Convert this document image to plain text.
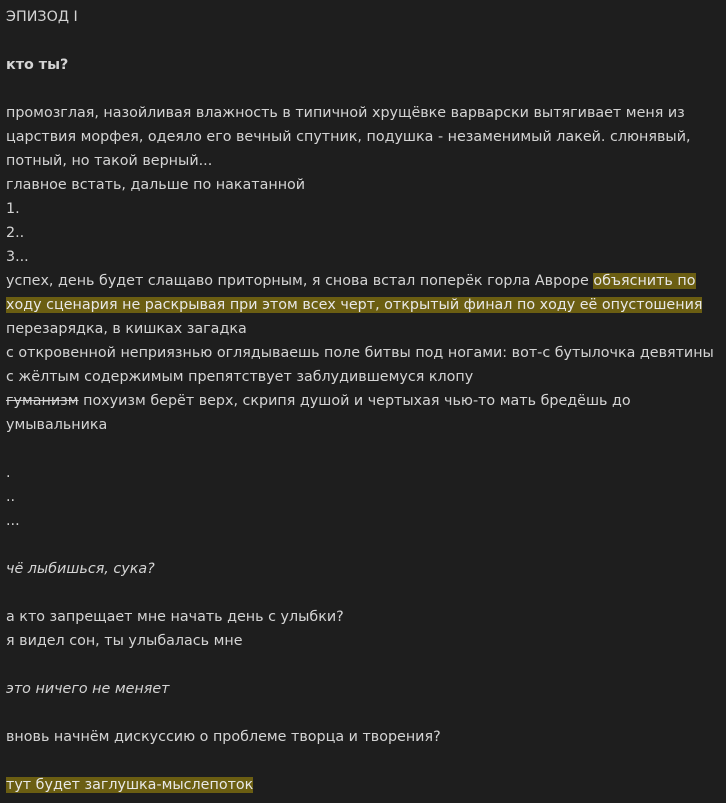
ЭПИЗОД I
кто ты?
промозглая, назойливая влажность в типичной хрущёвке варварски вытягивает меня из
царствия морфея, одеяло его вечный спутник, подушка - незаменимый лакей. слюнявый,
потный, но такой верный...
главное встать, дальше по накатанной
1.
2..
3...
успех, день будет слащаво приторным, я снова встал поперёк горла Авроре объяснить по
ходу сценария не раскрывая при этом всех черт, открытый финал по ходу её опустошения
перезарядка, в кишках загадка
с откровенной неприязнью оглядываешь поле битвы под ногами: вот-с бутылочка девятины
с жёлтым содержимым препятствует заблудившемуся клопу
гуманизм похуизм берёт верх, скрипя душой и чертыхая чью-то мать бредёшь до
умывальника
.
..
...
чё лыбишься, сука?
а кто запрещает мне начать день с улыбки?
я видел сон, ты улыбалась мне
это ничего не меняет
вновь начнём дискуссию о проблеме творца и творения?
тут будет заглушка-мыслепоток
